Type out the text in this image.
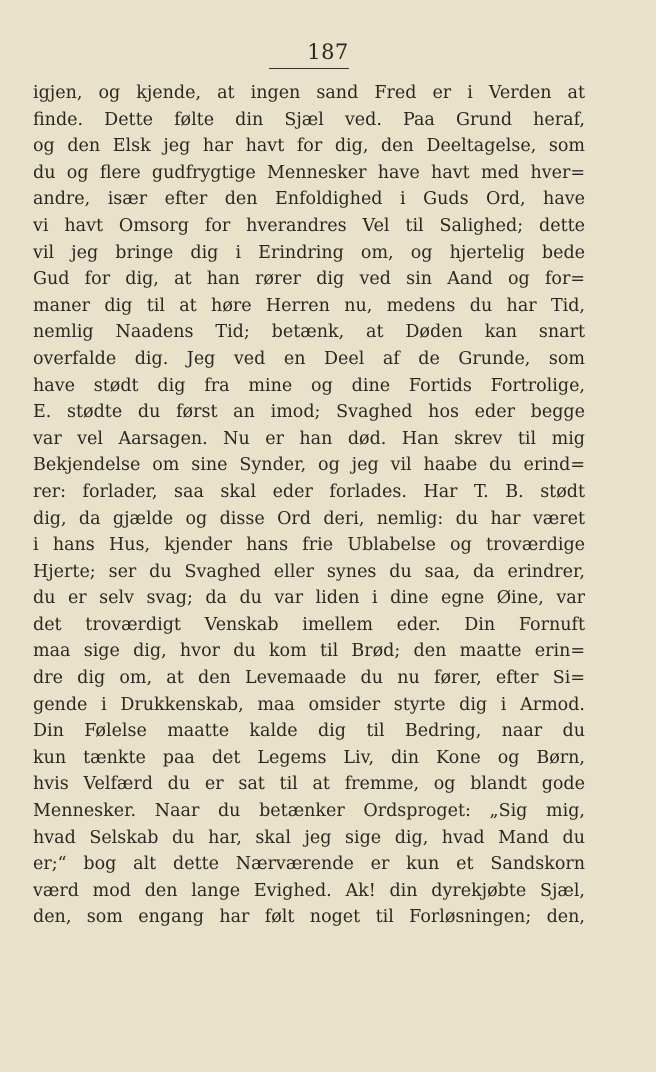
187
igjen, og kjende, at ingen sand Fred er i Verden at
finde. Dette følte din Sjæl ved. Paa Grund heraf,
og den Elsk jeg har havt for dig, den Deeltagelse, som
du og flere gudfrygtige Mennesker have havt med hver=
andre, især efter den Enfoldighed i Guds Ord, have
vi havt Omsorg for hverandres Vel til Salighed; dette
vil jeg bringe dig i Erindring om, og hjertelig bede
Gud for dig, at han rører dig ved sin Aand og for=
maner dig til at høre Herren nu, medens du har Tid,
nemlig Naadens Tid; betænk, at Døden kan snart
overfalde dig. Jeg ved en Deel af de Grunde, som
have stødt dig fra mine og dine Fortids Fortrolige,
E. stødte du først an imod; Svaghed hos eder begge
var vel Aarsagen. Nu er han død. Han skrev til mig
Bekjendelse om sine Synder, og jeg vil haabe du erind=
rer: forlader, saa skal eder forlades. Har T. B. stødt
dig, da gjælde og disse Ord deri, nemlig: du har været
i hans Hus, kjender hans frie Ublabelse og troværdige
Hjerte; ser du Svaghed eller synes du saa, da erindrer,
du er selv svag; da du var liden i dine egne Øine, var
det troværdigt Venskab imellem eder. Din Fornuft
maa sige dig, hvor du kom til Brød; den maatte erin=
dre dig om, at den Levemaade du nu fører, efter Si=
gende i Drukkenskab, maa omsider styrte dig i Armod.
Din Følelse maatte kalde dig til Bedring, naar du
kun tænkte paa det Legems Liv, din Kone og Børn,
hvis Velfærd du er sat til at fremme, og blandt gode
Mennesker. Naar du betænker Ordsproget: „Sig mig,
hvad Selskab du har, skal jeg sige dig, hvad Mand du
er;“ bog alt dette Nærværende er kun et Sandskorn
værd mod den lange Evighed. Ak! din dyrekjøbte Sjæl,
den, som engang har følt noget til Forløsningen; den,
